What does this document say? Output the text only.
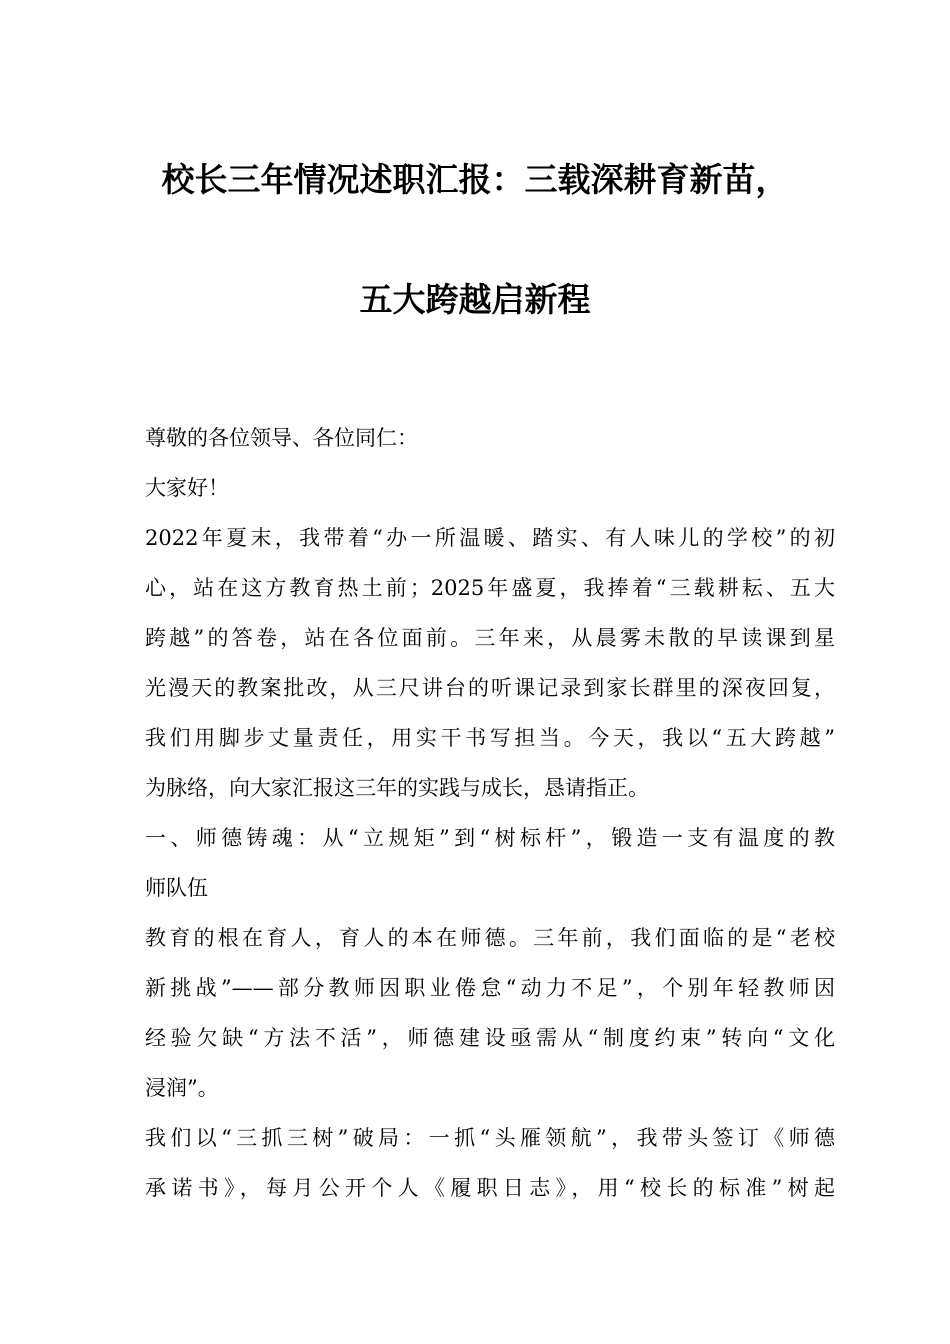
校长三年情况述职汇报：三载深耕育新苗，
五大跨越启新程
尊敬的各位领导、各位同仁：
大家好！
2022年夏末，我带着“办一所温暖、踏实、有人味儿的学校”的初
心，站在这方教育热土前；2025年盛夏，我捧着“三载耕耘、五大
跨越”的答卷，站在各位面前。三年来，从晨雾未散的早读课到星
光漫天的教案批改，从三尺讲台的听课记录到家长群里的深夜回复，
我们用脚步丈量责任，用实干书写担当。今天，我以“五大跨越”
为脉络，向大家汇报这三年的实践与成长，恳请指正。
一、师德铸魂：从“立规矩”到“树标杆”，锻造一支有温度的教
师队伍
教育的根在育人，育人的本在师德。三年前，我们面临的是“老校
新挑战”——部分教师因职业倦怠“动力不足”，个别年轻教师因
经验欠缺“方法不活”，师德建设亟需从“制度约束”转向“文化
浸润”。
我们以“三抓三树”破局：一抓“头雁领航”，我带头签订《师德
承诺书》，每月公开个人《履职日志》，用“校长的标准”树起
